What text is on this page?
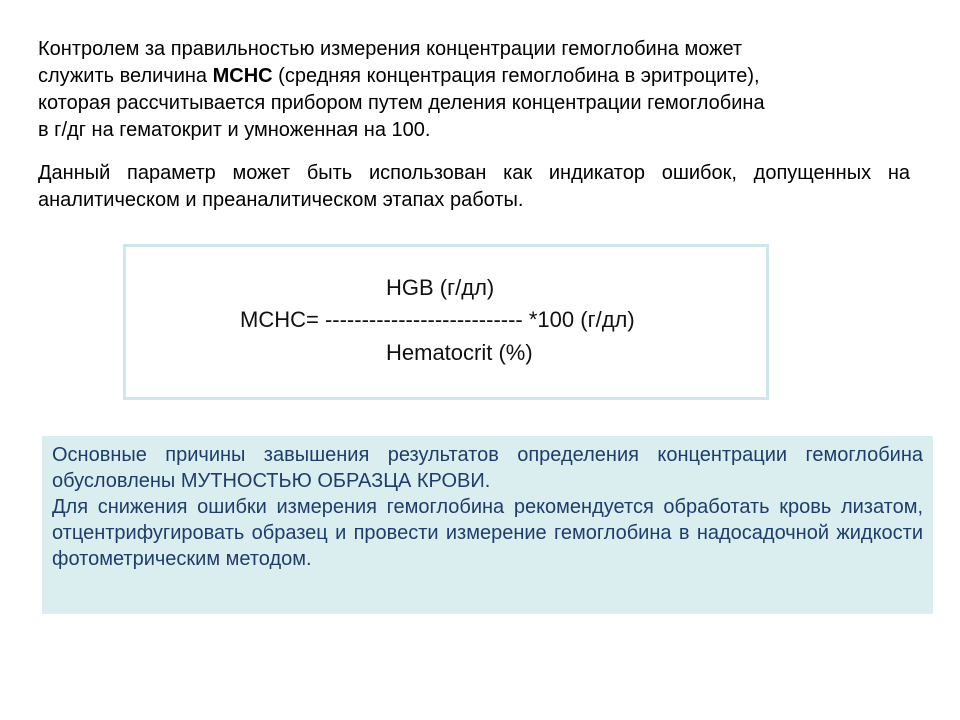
Контролем за правильностью измерения концентрации гемоглобина может
служить величина MCHC (средняя концентрация гемоглобина в эритроците),
которая рассчитывается прибором путем деления концентрации гемоглобина
в г/дг на гематокрит и умноженная на 100.

Данный параметр может быть использован как индикатор ошибок, допущенных на аналитическом и преаналитическом этапах работы.

HGB (г/дл)
MCHC= --------------------------- *100 (г/дл)
Hematocrit (%)

Основные причины завышения результатов определения концентрации гемоглобина обусловлены МУТНОСТЬЮ ОБРАЗЦА КРОВИ.

Для снижения ошибки измерения гемоглобина рекомендуется обработать кровь лизатом, отцентрифугировать образец и провести измерение гемоглобина в надосадочной жидкости фотометрическим методом.
